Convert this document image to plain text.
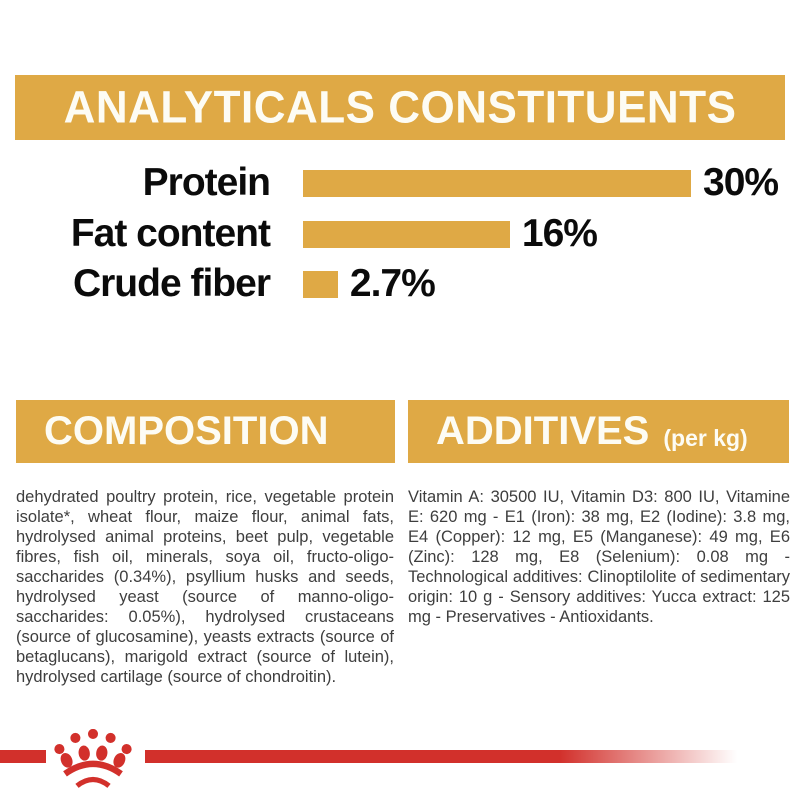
ANALYTICALS CONSTITUENTS
Protein	30%
Fat content	16%
Crude fiber 2.7%
COMPOSITION

dehydrated poultry protein, rice, vegetable protein isolate*, wheat flour, maize flour, animal fats, hydrolysed animal proteins, beet pulp, vegetable fibres, fish oil, minerals, soya oil, fructo-oligo-saccharides (0.34%), psyllium husks and seeds, hydrolysed yeast (source of manno-oligo-saccharides: 0.05%), hydrolysed crustaceans (source of glucosamine), yeasts extracts (source of betaglucans), marigold extract (source of lutein), hydrolysed cartilage (source of chondroitin).

ADDITIVES (per kg)

Vitamin A: 30500 IU, Vitamin D3: 800 IU, Vitamine E: 620 mg - E1 (Iron): 38 mg, E2 (Iodine): 3.8 mg, E4 (Copper): 12 mg, E5 (Manganese): 49 mg, E6 (Zinc): 128 mg, E8 (Selenium): 0.08 mg - Technological additives: Clinoptilolite of sedimentary origin: 10 g - Sensory additives: Yucca extract: 125 mg - Preservatives - Antioxidants.
